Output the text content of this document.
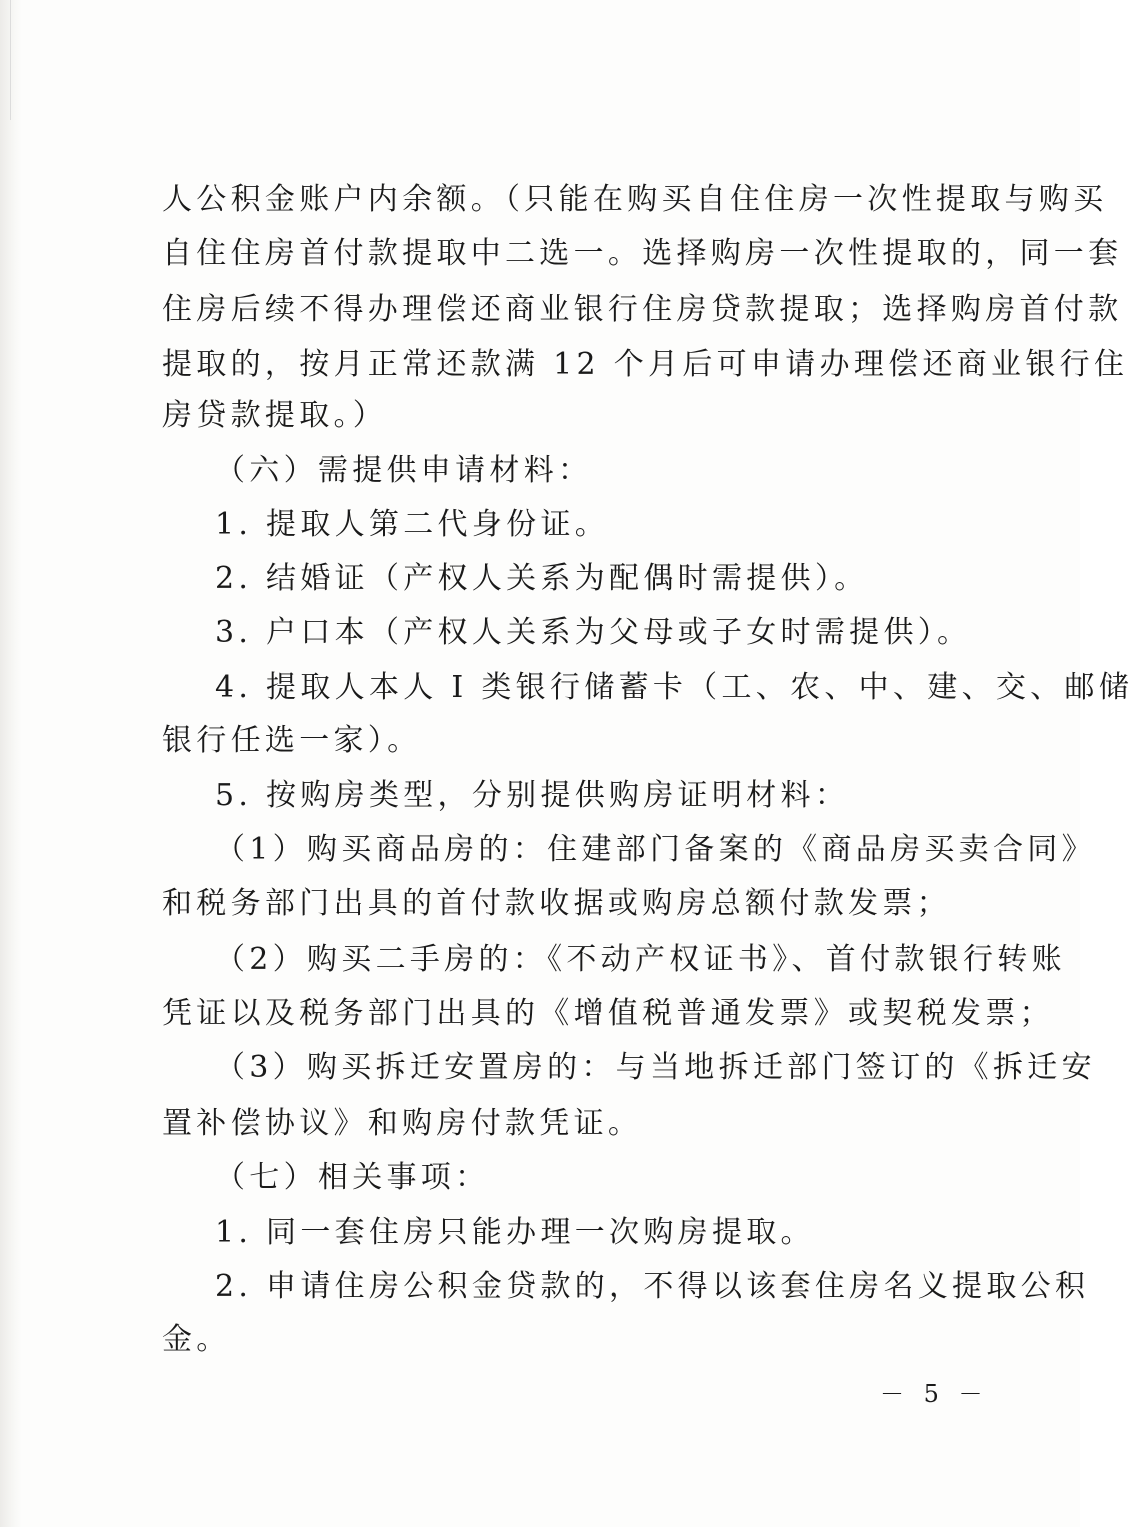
人公积金账户内余额。（只能在购买自住住房一次性提取与购买
自住住房首付款提取中二选一。选择购房一次性提取的，同一套
住房后续不得办理偿还商业银行住房贷款提取；选择购房首付款
提取的，按月正常还款满 12 个月后可申请办理偿还商业银行住
房贷款提取。）
（六）需提供申请材料：
1. 提取人第二代身份证。
2. 结婚证（产权人关系为配偶时需提供）。
3. 户口本（产权人关系为父母或子女时需提供）。
4. 提取人本人 I 类银行储蓄卡（工、农、中、建、交、邮储
银行任选一家）。
5. 按购房类型，分别提供购房证明材料：
（1）购买商品房的：住建部门备案的《商品房买卖合同》
和税务部门出具的首付款收据或购房总额付款发票；
（2）购买二手房的：《不动产权证书》、首付款银行转账
凭证以及税务部门出具的《增值税普通发票》或契税发票；
（3）购买拆迁安置房的：与当地拆迁部门签订的《拆迁安
置补偿协议》和购房付款凭证。
（七）相关事项：
1. 同一套住房只能办理一次购房提取。
2. 申请住房公积金贷款的，不得以该套住房名义提取公积
金。
－ 5 －
